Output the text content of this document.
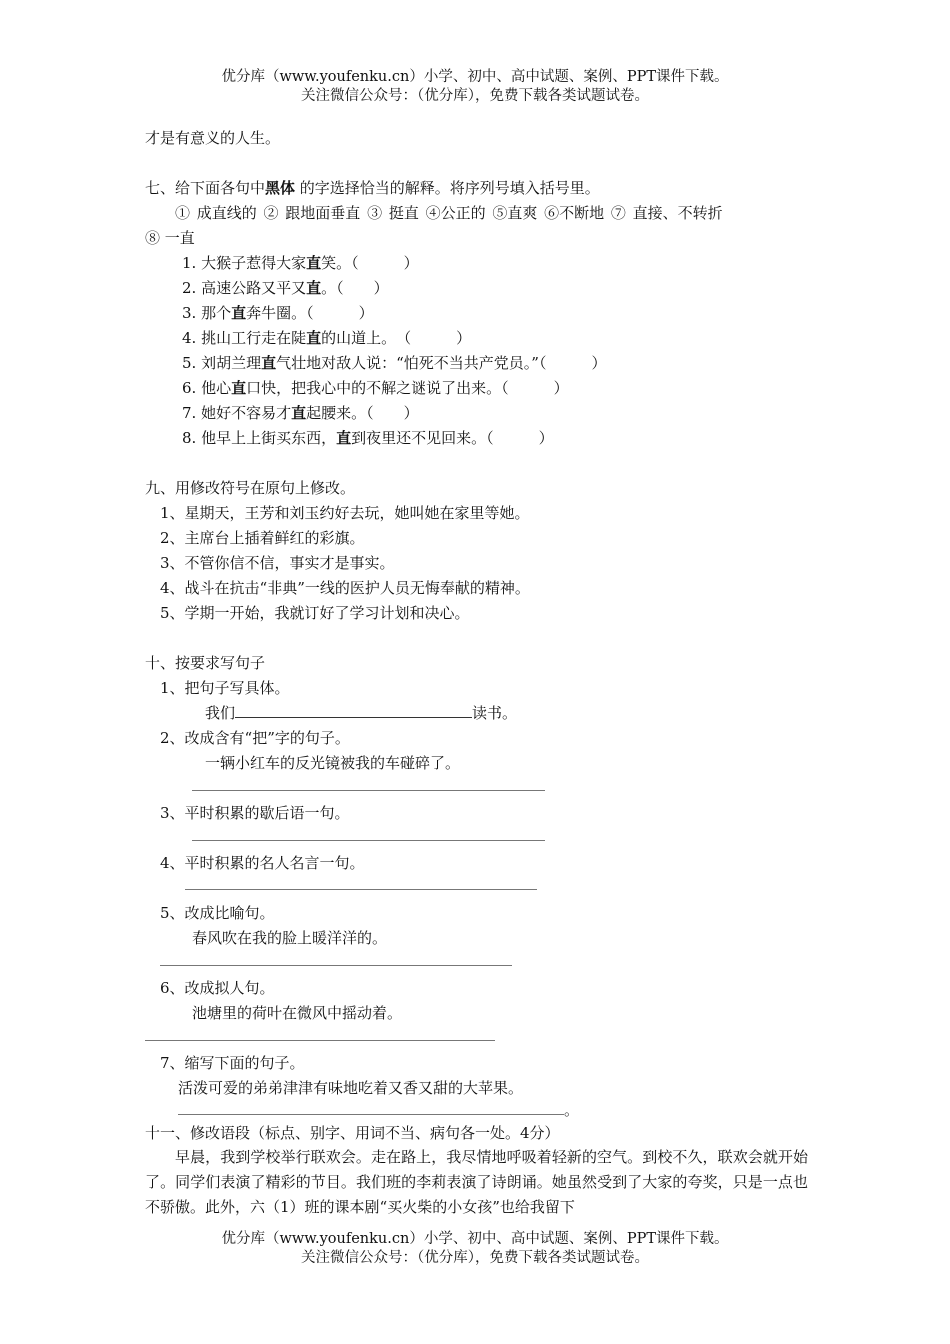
优分库（www.youfenku.cn）小学、初中、高中试题、案例、PPT课件下载。
关注微信公众号：（优分库），免费下载各类试题试卷。
才是有意义的人生。
七、给下面各句中黑体 的字选择恰当的解释。将序列号填入括号里。
① 成直线的 ② 跟地面垂直 ③ 挺直 ④公正的 ⑤直爽 ⑥不断地 ⑦ 直接、不转折
⑧ 一直
1. 大猴子惹得大家直笑。（　　　）
2. 高速公路又平又直。（　　）
3. 那个直奔牛圈。（　　　）
4. 挑山工行走在陡直的山道上。　（　　　）
5. 刘胡兰理直气壮地对敌人说：“怕死不当共产党员。”（　　　）
6. 他心直口快，把我心中的不解之谜说了出来。（　　　）
7. 她好不容易才直起腰来。（　　）
8. 他早上上街买东西，直到夜里还不见回来。（　　　）
九、用修改符号在原句上修改。
1、星期天，王芳和刘玉约好去玩，她叫她在家里等她。
2、主席台上插着鲜红的彩旗。
3、不管你信不信，事实才是事实。
4、战斗在抗击“非典”一线的医护人员无悔奉献的精神。
5、学期一开始，我就订好了学习计划和决心。
十、按要求写句子
1、把句子写具体。
我们	读书。
2、改成含有“把”字的句子。
一辆小红车的反光镜被我的车碰碎了。
3、平时积累的歇后语一句。
4、平时积累的名人名言一句。
5、改成比喻句。
春风吹在我的脸上暖洋洋的。
6、改成拟人句。
池塘里的荷叶在微风中摇动着。
7、缩写下面的句子。
活泼可爱的弟弟津津有味地吃着又香又甜的大苹果。
。
十一、修改语段（标点、别字、用词不当、病句各一处。4分）
早晨，我到学校举行联欢会。走在路上，我尽情地呼吸着轻新的空气。到校不久，联欢会就开始了。同学们表演了精彩的节目。我们班的李莉表演了诗朗诵。她虽然受到了大家的夸奖，只是一点也不骄傲。此外，六（1）班的课本剧“买火柴的小女孩”也给我留下
优分库（www.youfenku.cn）小学、初中、高中试题、案例、PPT课件下载。
关注微信公众号：（优分库），免费下载各类试题试卷。
